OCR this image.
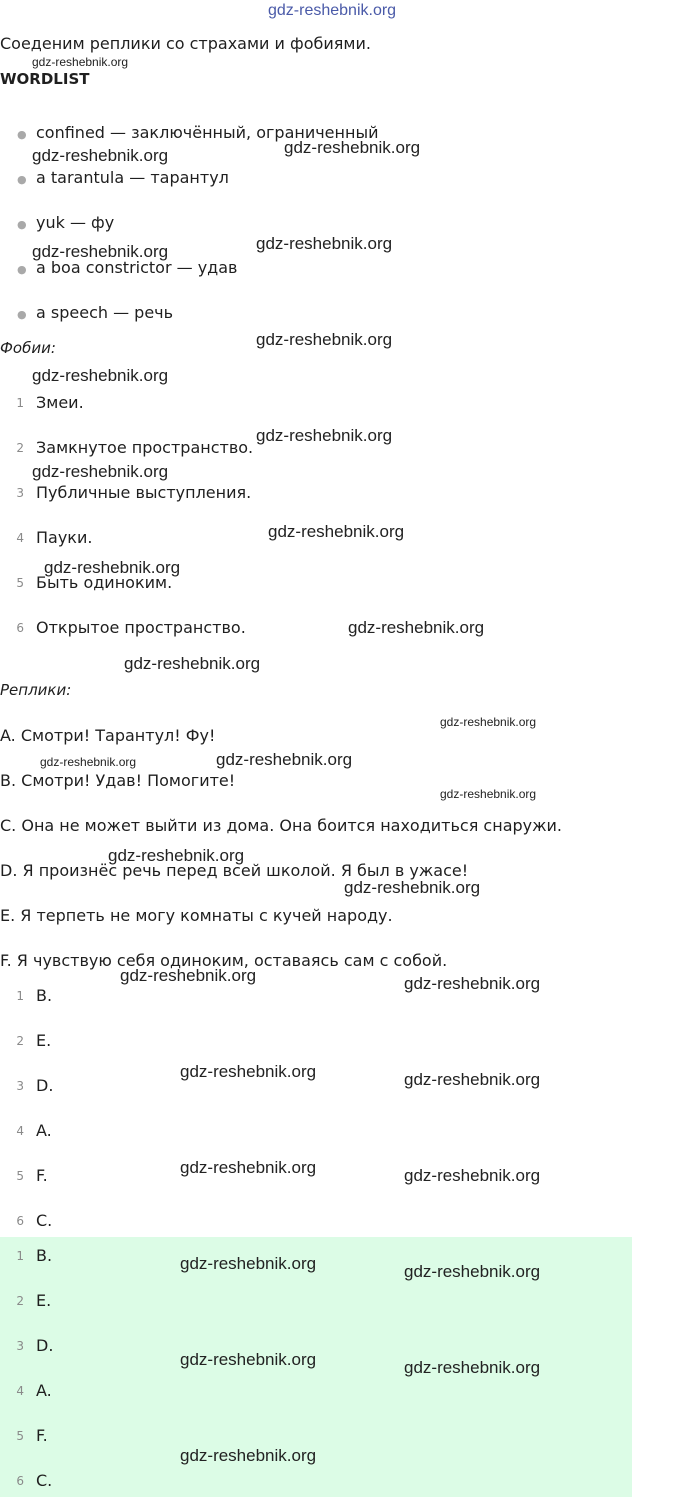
gdz-reshebnik.org
Соеденим реплики со страхами и фобиями.
WORDLIST
● confined — заключённый, ограниченный
● a tarantula — тарантул
● yuk — фу
● a boa constrictor — удав
● a speech — речь
Фобии:
1 Змеи.
2 Замкнутое пространство.
3 Публичные выступления.
4 Пауки.
5 Быть одиноким.
6 Открытое пространство.
Реплики:
A. Смотри! Тарантул! Фу!
B. Смотри! Удав! Помогите!
C. Она не может выйти из дома. Она боится находиться снаружи.
D. Я произнёс речь перед всей школой. Я был в ужасе!
E. Я терпеть не могу комнаты с кучей народу.
F. Я чувствую себя одиноким, оставаясь сам с собой.
1 B.
2 E.
3 D.
4 A.
5 F.
6 C.
1 B.
2 E.
3 D.
4 A.
5 F.
6 C.
gdz-reshebnik.org
gdz-reshebnik.org	gdz-reshebnik.org
gdz-reshebnik.org	gdz-reshebnik.org
gdz-reshebnik.org
gdz-reshebnik.org
gdz-reshebnik.org
gdz-reshebnik.org
gdz-reshebnik.org
gdz-reshebnik.org
gdz-reshebnik.org
gdz-reshebnik.org
gdz-reshebnik.org
gdz-reshebnik.org	gdz-reshebnik.org
gdz-reshebnik.org
gdz-reshebnik.org
gdz-reshebnik.org
gdz-reshebnik.org	gdz-reshebnik.org
gdz-reshebnik.org	gdz-reshebnik.org
gdz-reshebnik.org	gdz-reshebnik.org
gdz-reshebnik.org	gdz-reshebnik.org
gdz-reshebnik.org	gdz-reshebnik.org
gdz-reshebnik.org
